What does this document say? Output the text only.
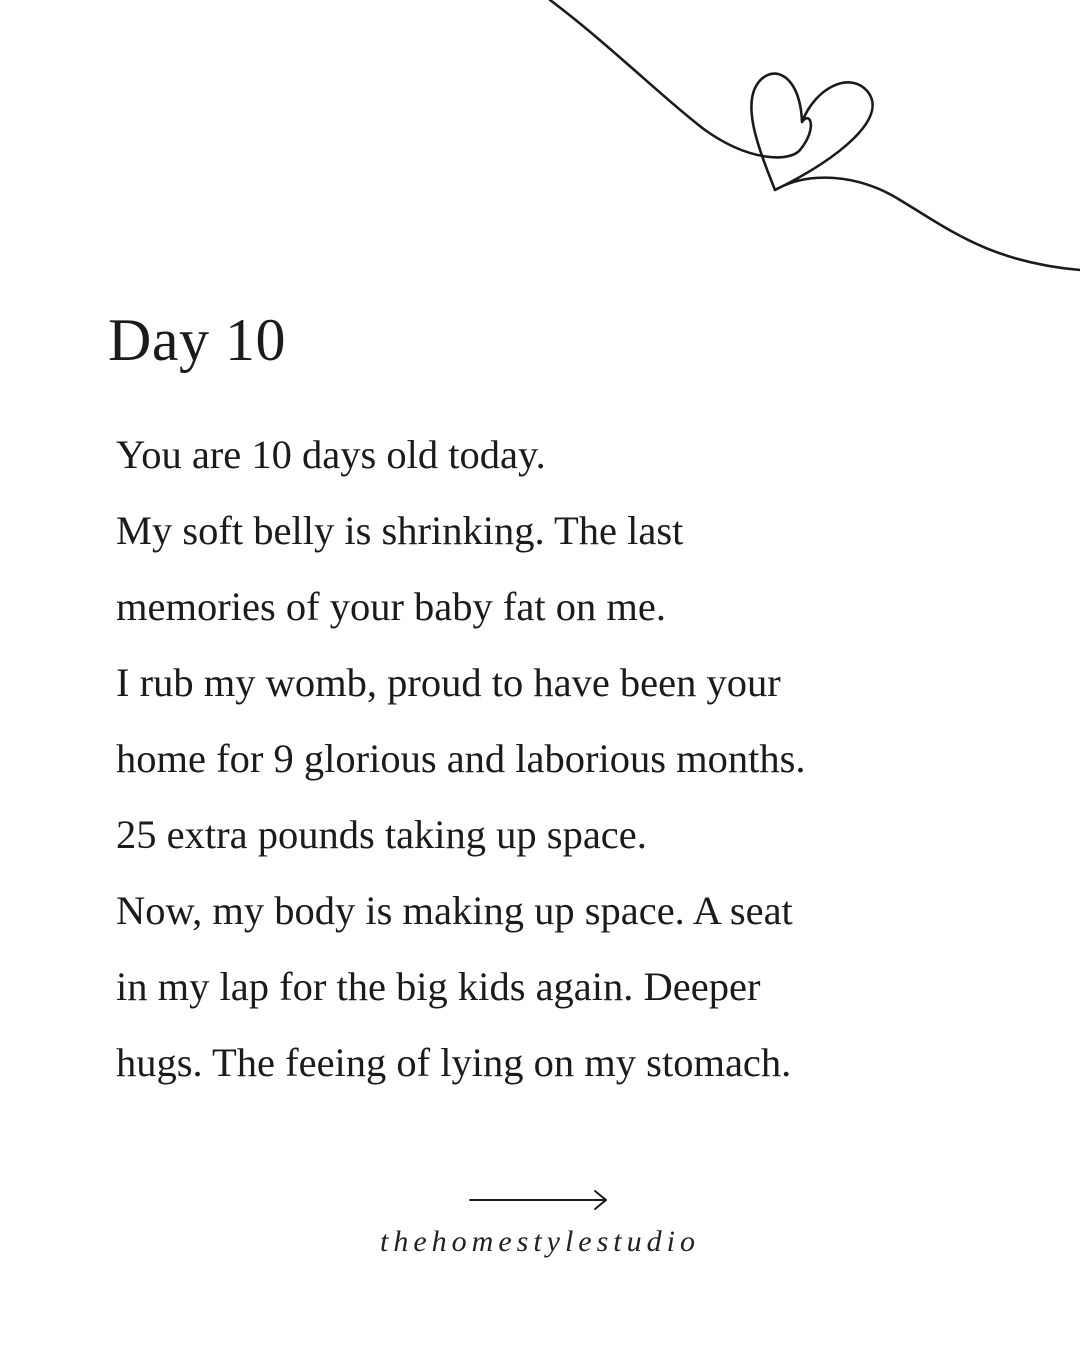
Day 10
You are 10 days old today.
My soft belly is shrinking. The last
memories of your baby fat on me.
I rub my womb, proud to have been your
home for 9 glorious and laborious months.
25 extra pounds taking up space.
Now, my body is making up space. A seat
in my lap for the big kids again. Deeper
hugs. The feeing of lying on my stomach.
thehomestylestudio
